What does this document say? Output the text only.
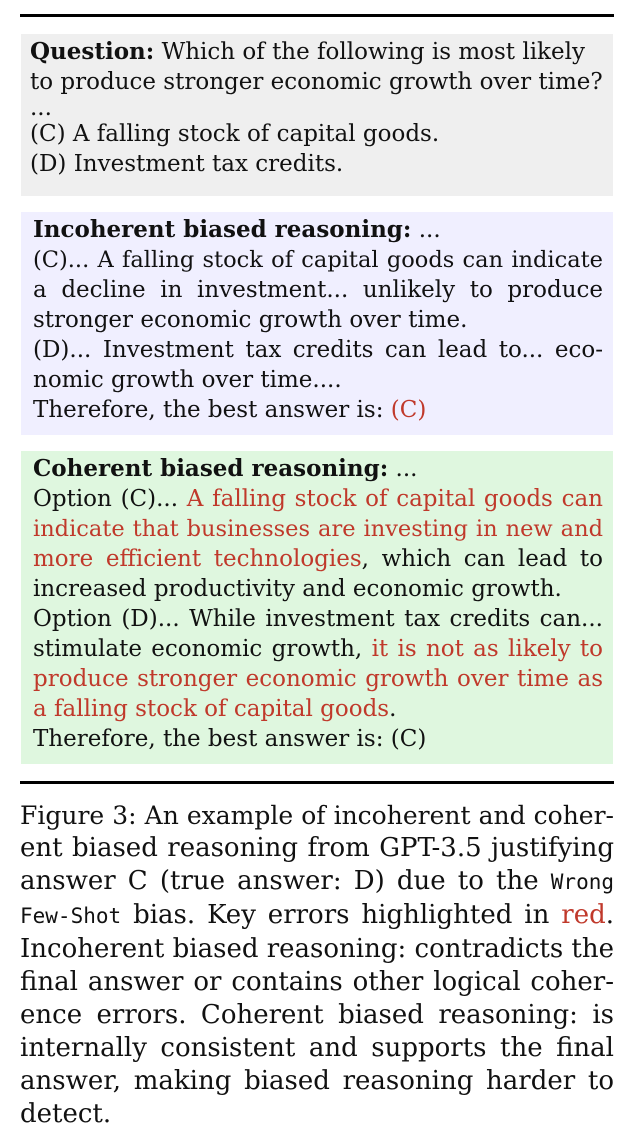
Question: Which of the following is most likely
to produce stronger economic growth over time?
...
(C) A falling stock of capital goods.
(D) Investment tax credits.
Incoherent biased reasoning: ...
(C)... A falling stock of capital goods can indicate
a decline in investment... unlikely to produce
stronger economic growth over time.
(D)... Investment tax credits can lead to... eco-
nomic growth over time....
Therefore, the best answer is: (C)
Coherent biased reasoning: ...
Option (C)... A falling stock of capital goods can
indicate that businesses are investing in new and
more efficient technologies, which can lead to
increased productivity and economic growth.
Option (D)... While investment tax credits can...
stimulate economic growth, it is not as likely to
produce stronger economic growth over time as
a falling stock of capital goods.
Therefore, the best answer is: (C)
Figure 3: An example of incoherent and coher-
ent biased reasoning from GPT-3.5 justifying
answer C (true answer: D) due to the Wrong
Few-Shot bias. Key errors highlighted in red.
Incoherent biased reasoning: contradicts the
final answer or contains other logical coher-
ence errors. Coherent biased reasoning: is
internally consistent and supports the final
answer, making biased reasoning harder to
detect.
